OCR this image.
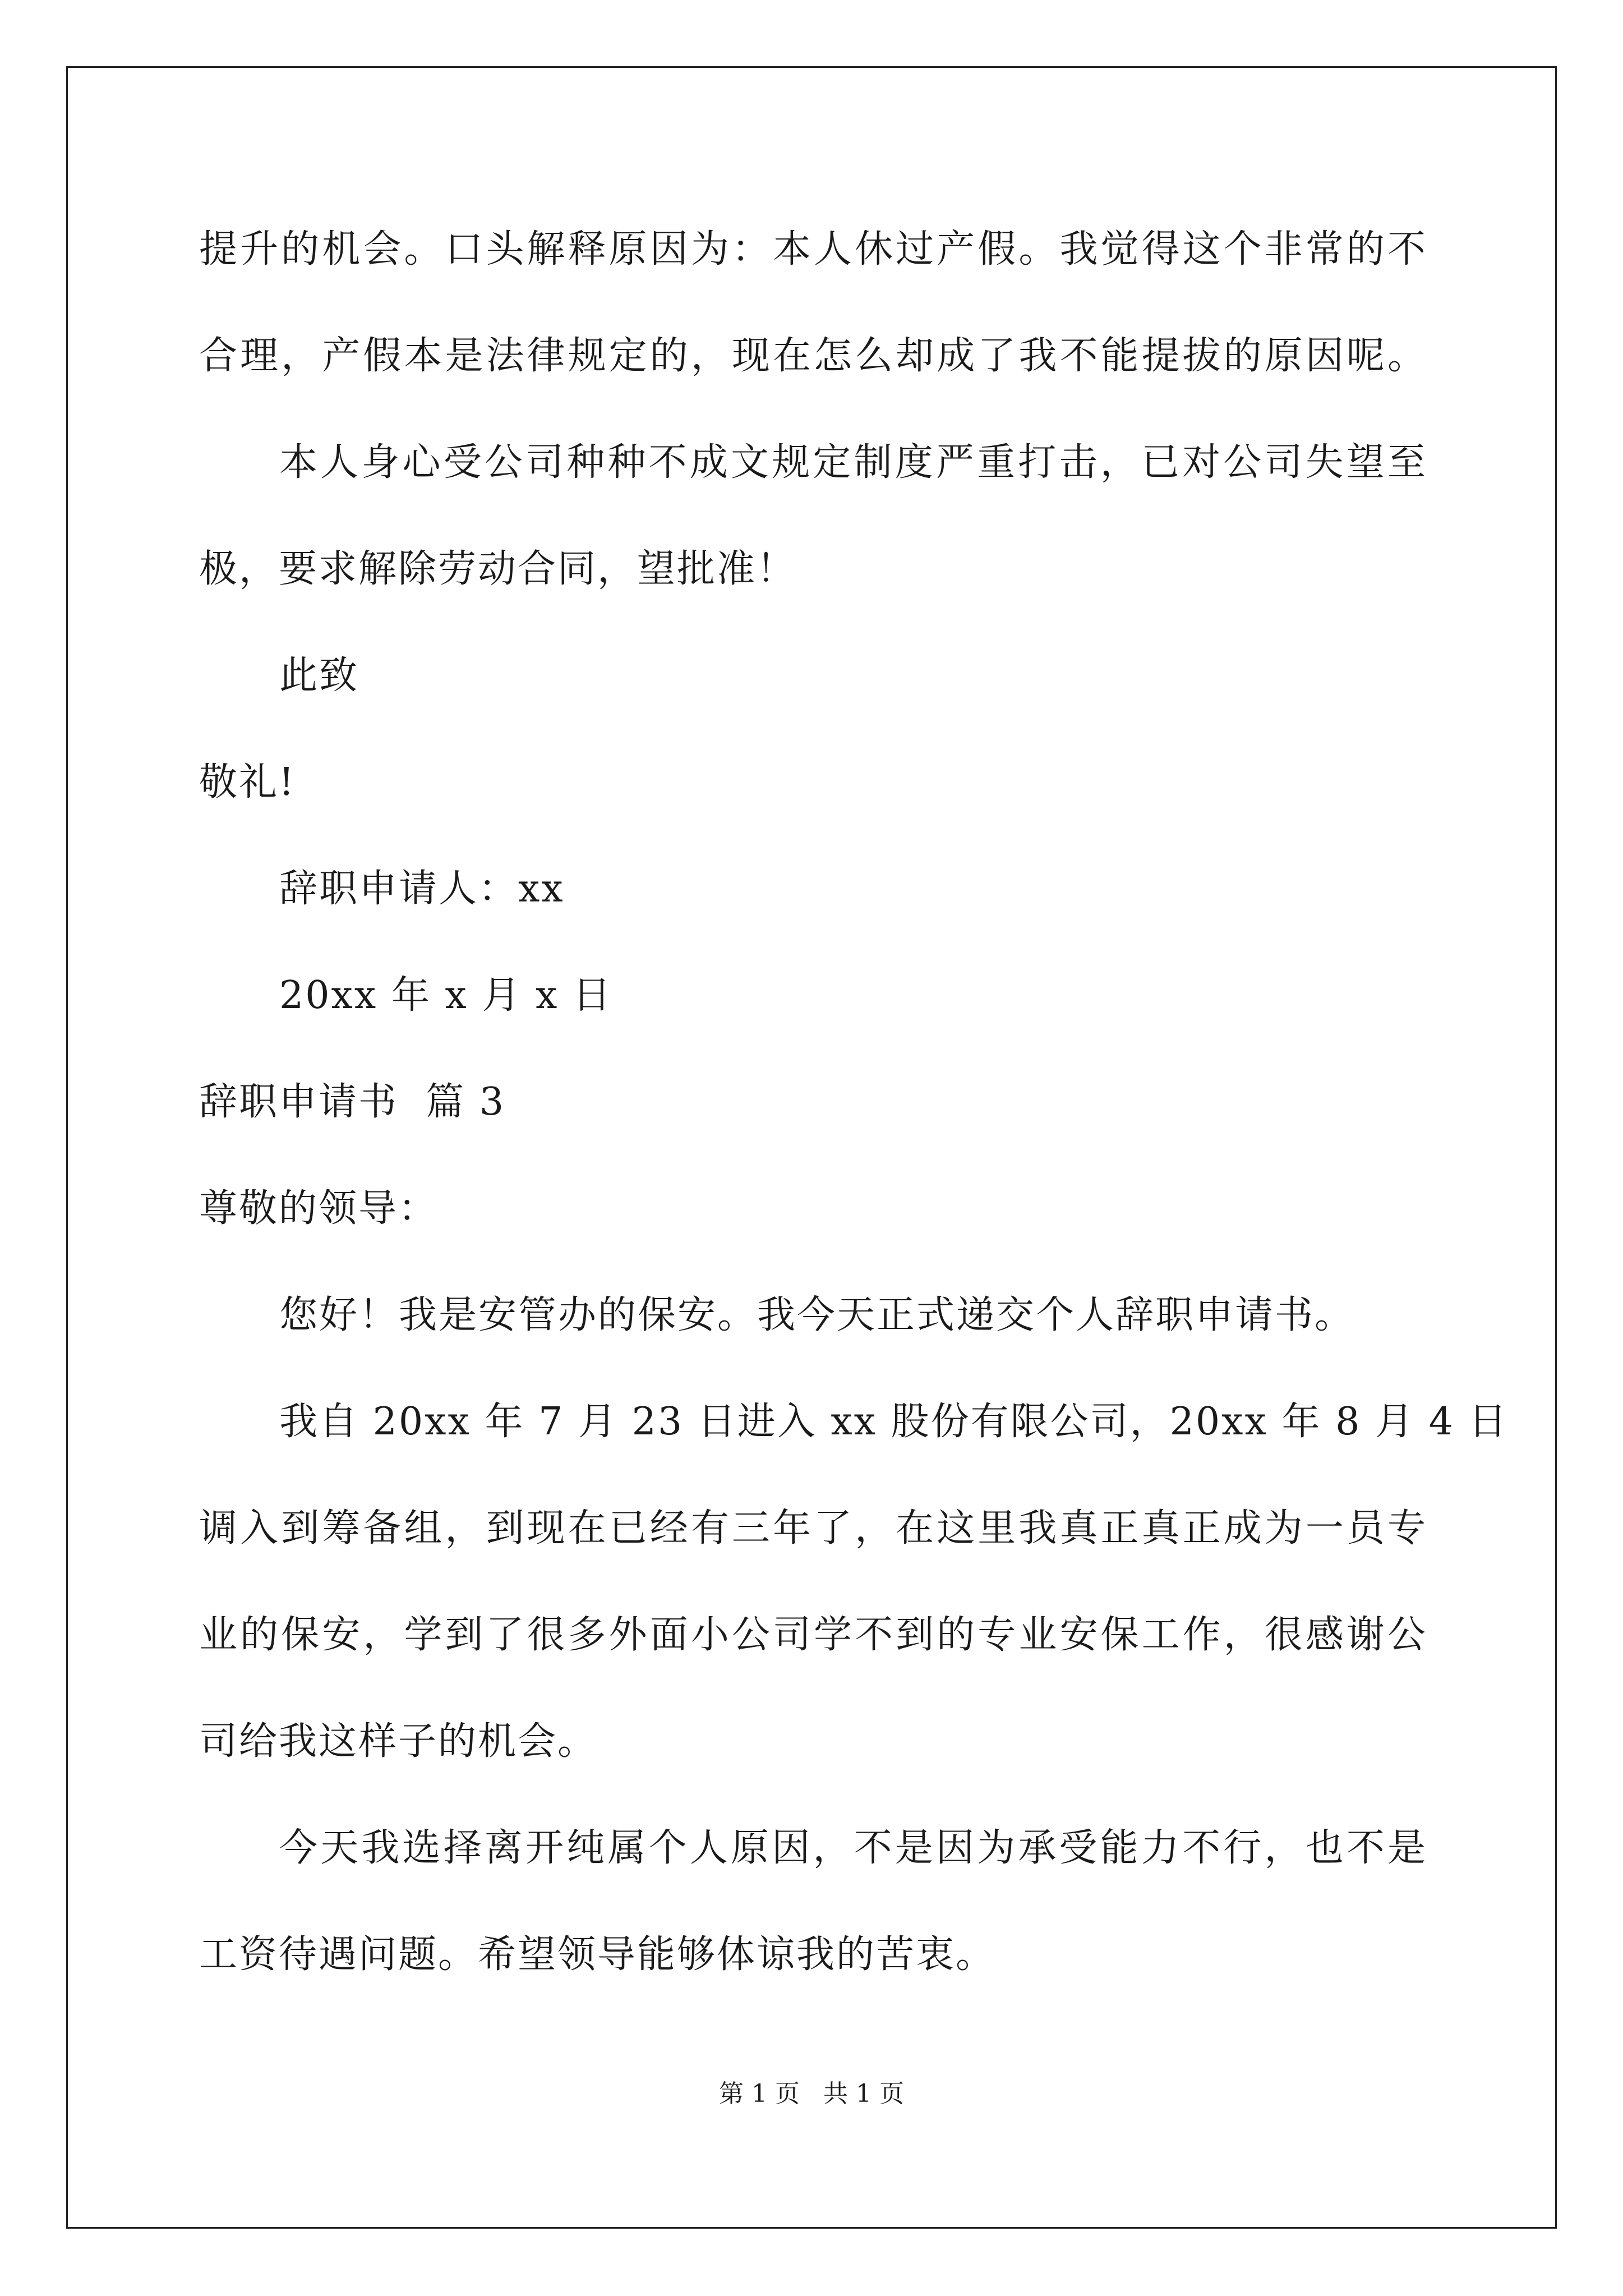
提升的机会。口头解释原因为：本人休过产假。我觉得这个非常的不
合理，产假本是法律规定的，现在怎么却成了我不能提拔的原因呢。
本人身心受公司种种不成文规定制度严重打击，已对公司失望至
极，要求解除劳动合同，望批准！
此致
敬礼!
辞职申请人：xx
20xx 年 x 月 x 日
辞职申请书  篇 3
尊敬的领导：
您好！我是安管办的保安。我今天正式递交个人辞职申请书。
我自 20xx 年 7 月 23 日进入 xx 股份有限公司，20xx 年 8 月 4 日
调入到筹备组，到现在已经有三年了，在这里我真正真正成为一员专
业的保安，学到了很多外面小公司学不到的专业安保工作，很感谢公
司给我这样子的机会。
今天我选择离开纯属个人原因，不是因为承受能力不行，也不是
工资待遇问题。希望领导能够体谅我的苦衷。
第 1 页   共 1 页
